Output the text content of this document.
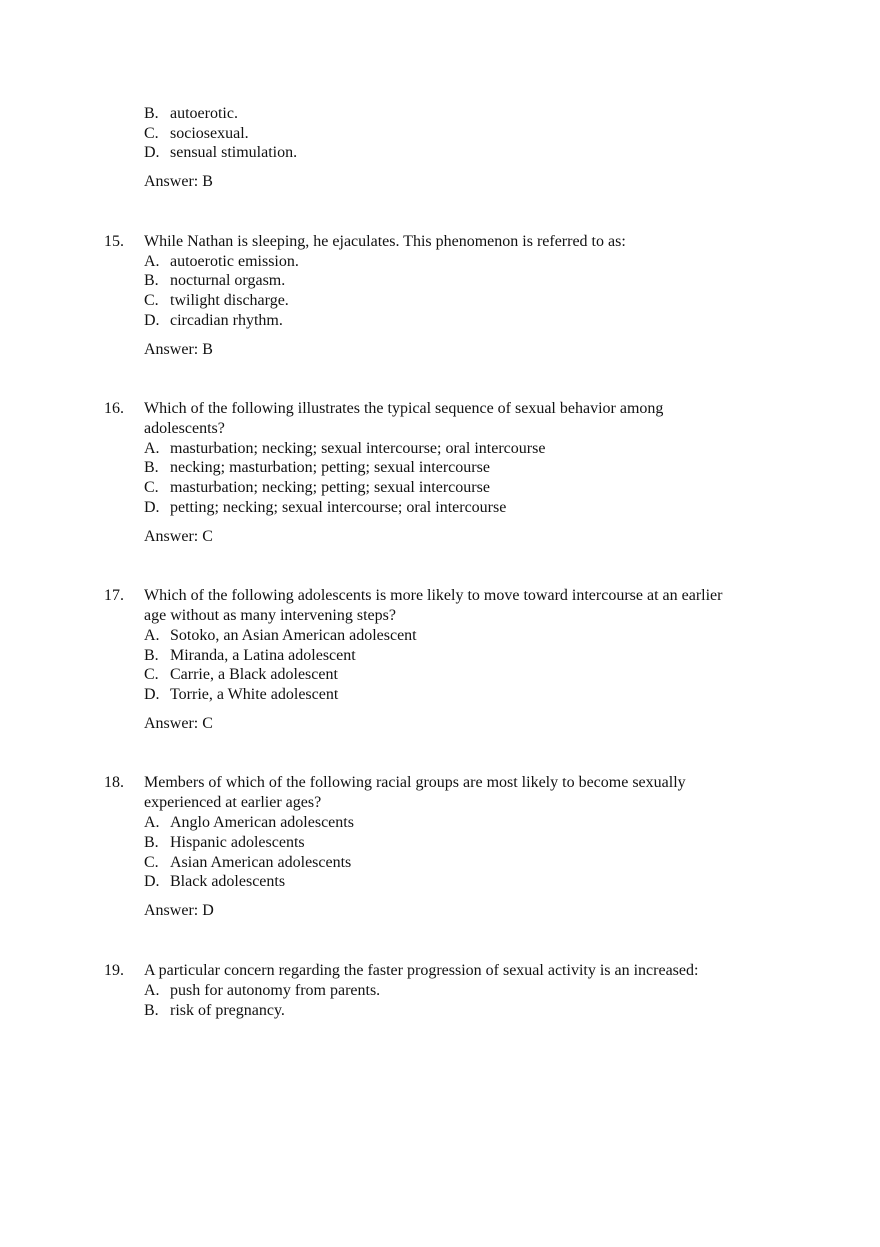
B. autoerotic.
C. sociosexual.
D. sensual stimulation.
Answer: B
15. While Nathan is sleeping, he ejaculates. This phenomenon is referred to as:
A. autoerotic emission.
B. nocturnal orgasm.
C. twilight discharge.
D. circadian rhythm.
Answer: B
16. Which of the following illustrates the typical sequence of sexual behavior among
adolescents?
A. masturbation; necking; sexual intercourse; oral intercourse
B. necking; masturbation; petting; sexual intercourse
C. masturbation; necking; petting; sexual intercourse
D. petting; necking; sexual intercourse; oral intercourse
Answer: C
17. Which of the following adolescents is more likely to move toward intercourse at an earlier
age without as many intervening steps?
A. Sotoko, an Asian American adolescent
B. Miranda, a Latina adolescent
C. Carrie, a Black adolescent
D. Torrie, a White adolescent
Answer: C
18. Members of which of the following racial groups are most likely to become sexually
experienced at earlier ages?
A. Anglo American adolescents
B. Hispanic adolescents
C. Asian American adolescents
D. Black adolescents
Answer: D
19. A particular concern regarding the faster progression of sexual activity is an increased:
A. push for autonomy from parents.
B. risk of pregnancy.
